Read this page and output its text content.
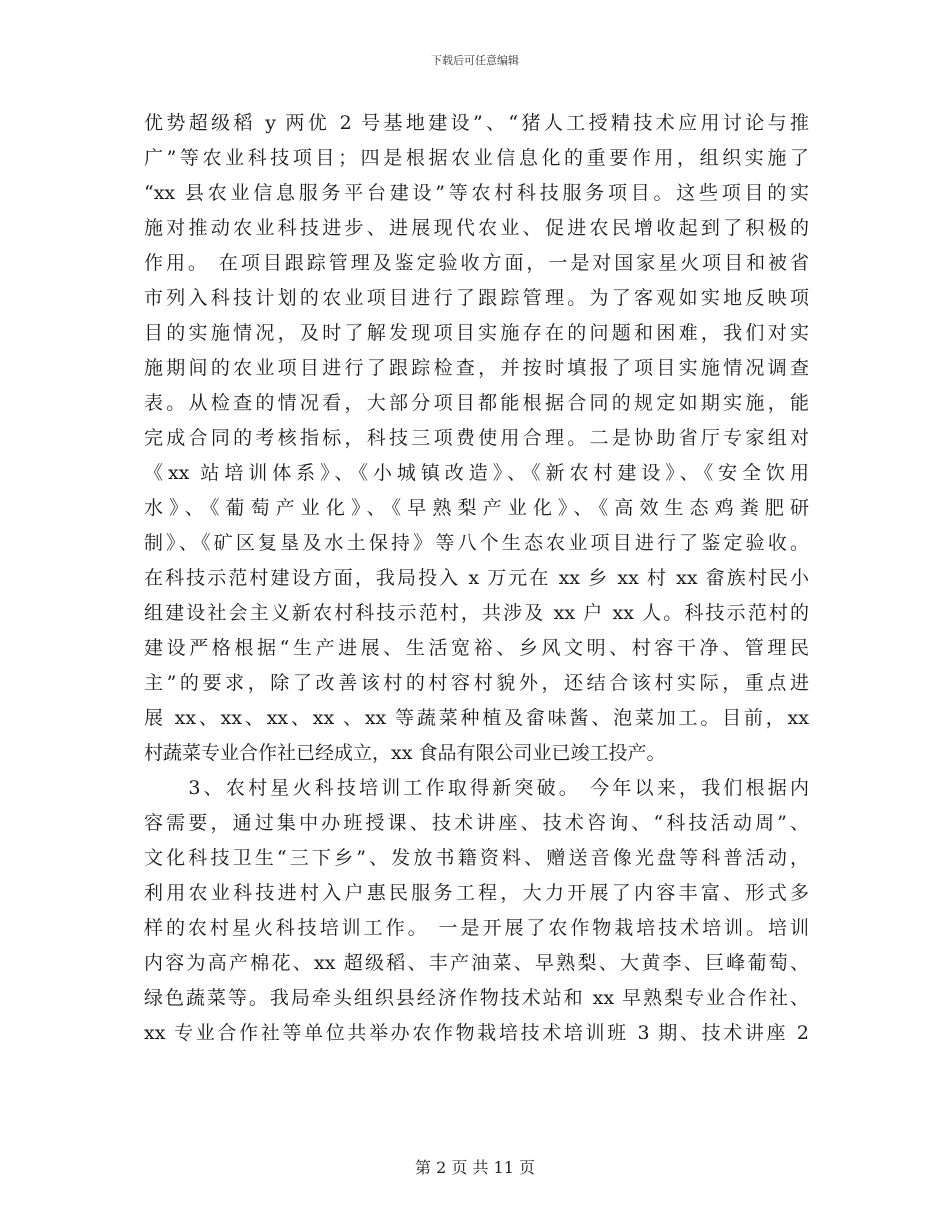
下载后可任意编辑
优势超级稻 y 两优 2 号基地建设”、“猪人工授精技术应用讨论与推
广”等农业科技项目；四是根据农业信息化的重要作用，组织实施了
“xx 县农业信息服务平台建设”等农村科技服务项目。这些项目的实
施对推动农业科技进步、进展现代农业、促进农民增收起到了积极的
作用。 在项目跟踪管理及鉴定验收方面，一是对国家星火项目和被省
市列入科技计划的农业项目进行了跟踪管理。为了客观如实地反映项
目的实施情况，及时了解发现项目实施存在的问题和困难，我们对实
施期间的农业项目进行了跟踪检查，并按时填报了项目实施情况调查
表。从检查的情况看，大部分项目都能根据合同的规定如期实施，能
完成合同的考核指标，科技三项费使用合理。二是协助省厅专家组对
《xx 站培训体系》、《小城镇改造》、《新农村建设》、《安全饮用
水》、《葡萄产业化》、《早熟梨产业化》、《高效生态鸡粪肥研
制》、《矿区复垦及水土保持》等八个生态农业项目进行了鉴定验收。
在科技示范村建设方面，我局投入 x 万元在 xx 乡 xx 村 xx 畲族村民小
组建设社会主义新农村科技示范村，共涉及 xx 户 xx 人。科技示范村的
建设严格根据“生产进展、生活宽裕、乡风文明、村容干净、管理民
主”的要求，除了改善该村的村容村貌外，还结合该村实际，重点进
展 xx、xx、xx、xx 、xx 等蔬菜种植及畲味酱、泡菜加工。目前，xx
村蔬菜专业合作社已经成立，xx 食品有限公司业已竣工投产。
　　3、农村星火科技培训工作取得新突破。 今年以来，我们根据内
容需要，通过集中办班授课、技术讲座、技术咨询、“科技活动周”、
文化科技卫生“三下乡”、发放书籍资料、赠送音像光盘等科普活动，
利用农业科技进村入户惠民服务工程，大力开展了内容丰富、形式多
样的农村星火科技培训工作。 一是开展了农作物栽培技术培训。培训
内容为高产棉花、xx 超级稻、丰产油菜、早熟梨、大黄李、巨峰葡萄、
绿色蔬菜等。我局牵头组织县经济作物技术站和 xx 早熟梨专业合作社、
xx 专业合作社等单位共举办农作物栽培技术培训班 3 期、技术讲座 2
第 2 页 共 11 页
